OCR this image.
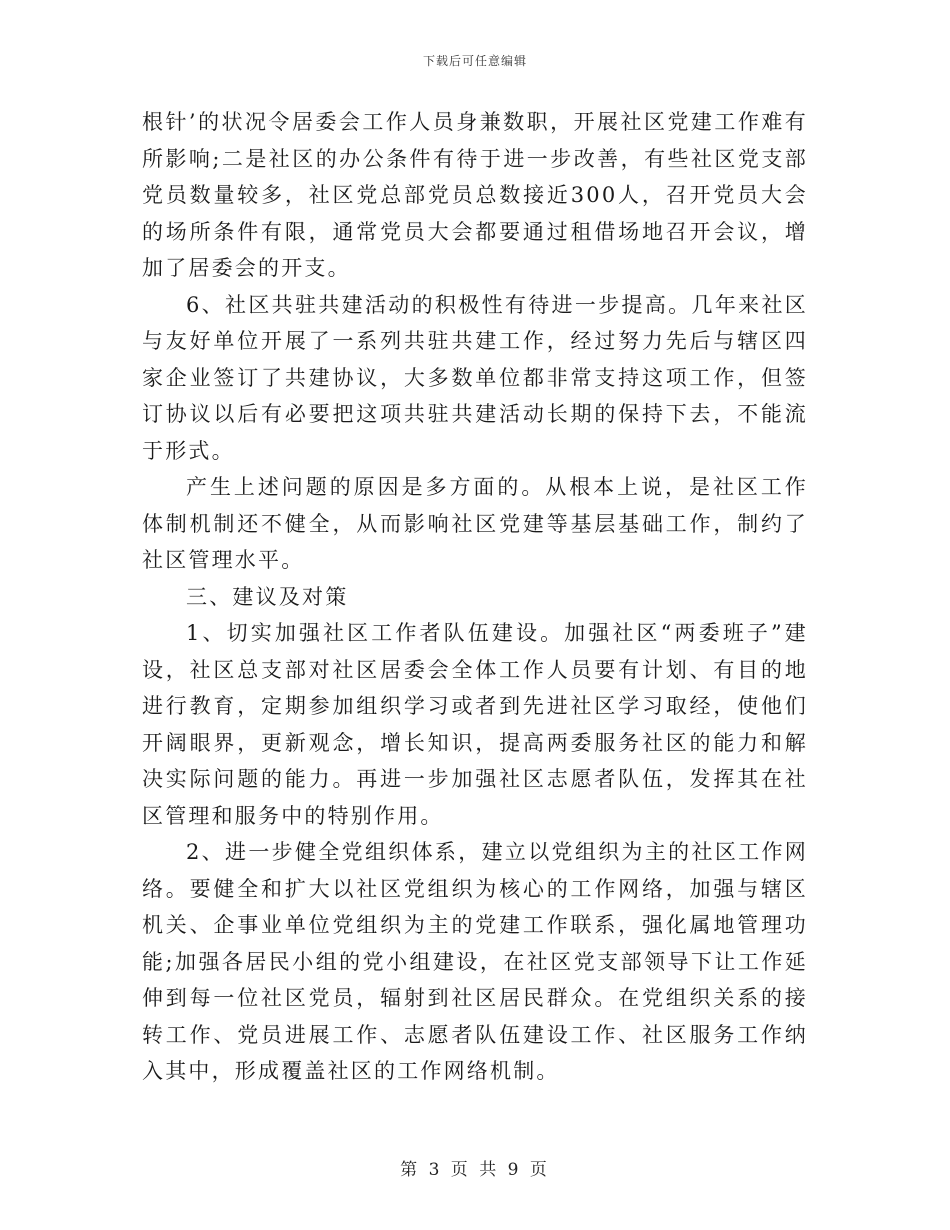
下载后可任意编辑

根针’的状况令居委会工作人员身兼数职，开展社区党建工作难有所影响;二是社区的办公条件有待于进一步改善，有些社区党支部党员数量较多，社区党总部党员总数接近300人，召开党员大会的场所条件有限，通常党员大会都要通过租借场地召开会议，增加了居委会的开支。

6、社区共驻共建活动的积极性有待进一步提高。几年来社区与友好单位开展了一系列共驻共建工作，经过努力先后与辖区四家企业签订了共建协议，大多数单位都非常支持这项工作，但签订协议以后有必要把这项共驻共建活动长期的保持下去，不能流于形式。

产生上述问题的原因是多方面的。从根本上说，是社区工作体制机制还不健全，从而影响社区党建等基层基础工作，制约了社区管理水平。

三、建议及对策

1、切实加强社区工作者队伍建设。加强社区“两委班子”建设，社区总支部对社区居委会全体工作人员要有计划、有目的地进行教育，定期参加组织学习或者到先进社区学习取经，使他们开阔眼界，更新观念，增长知识，提高两委服务社区的能力和解决实际问题的能力。再进一步加强社区志愿者队伍，发挥其在社区管理和服务中的特别作用。

2、进一步健全党组织体系，建立以党组织为主的社区工作网络。要健全和扩大以社区党组织为核心的工作网络，加强与辖区机关、企事业单位党组织为主的党建工作联系，强化属地管理功能;加强各居民小组的党小组建设，在社区党支部领导下让工作延伸到每一位社区党员，辐射到社区居民群众。在党组织关系的接转工作、党员进展工作、志愿者队伍建设工作、社区服务工作纳入其中，形成覆盖社区的工作网络机制。

第 3 页 共 9 页
